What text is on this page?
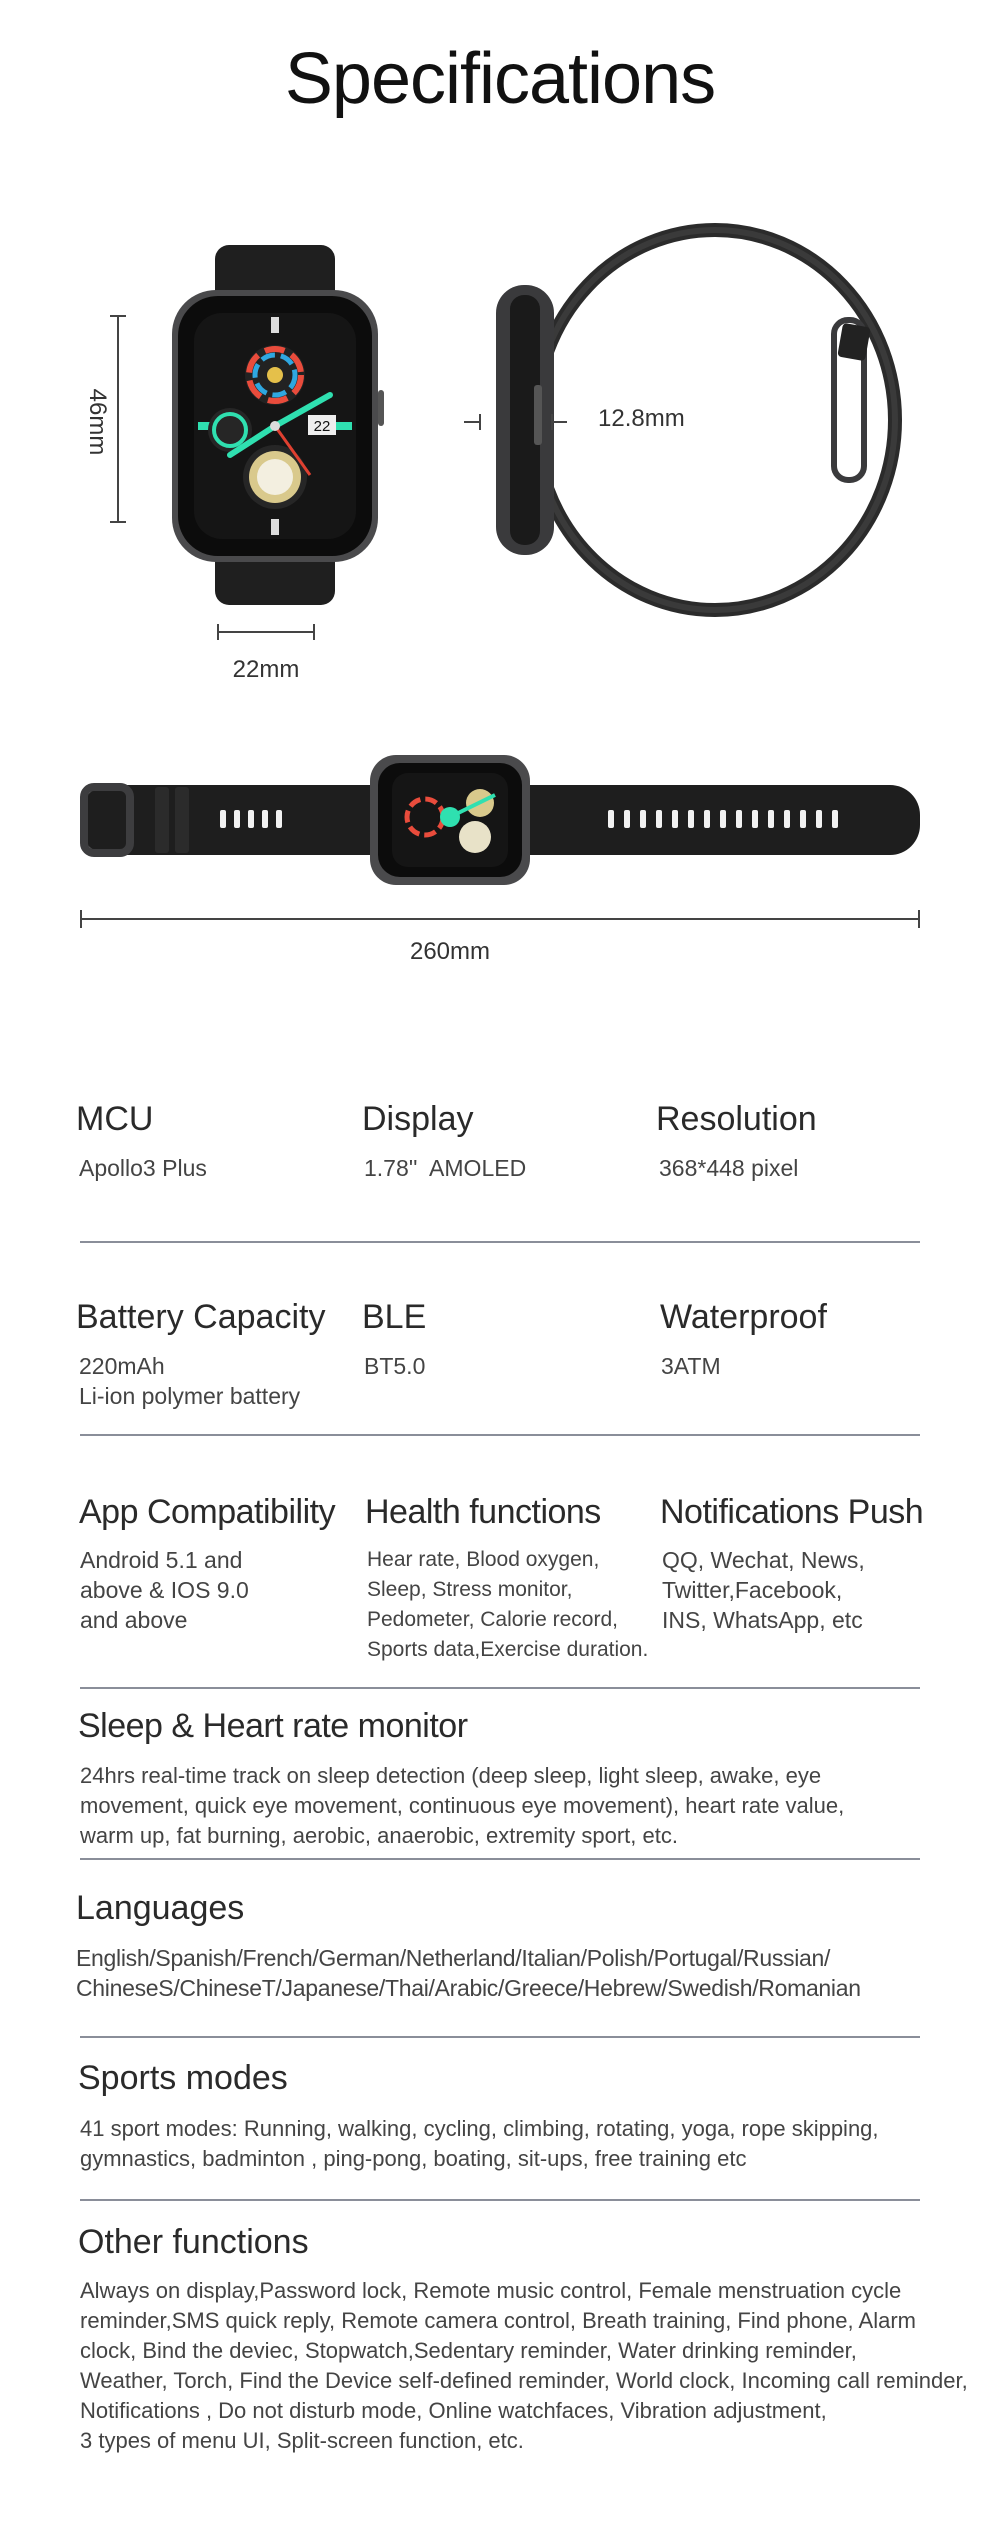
Specifications
22
46mm
22mm
12.8mm
260mm
MCU
Apollo3 Plus
Display
1.78''  AMOLED
Resolution
368*448 pixel
Battery Capacity
220mAh
Li-ion polymer battery
BLE
BT5.0
Waterproof
3ATM
App Compatibility
Android 5.1 and
above & IOS 9.0
and above
Health functions
Hear rate, Blood oxygen,
Sleep, Stress monitor,
Pedometer, Calorie record,
Sports data,Exercise duration.
Notifications Push
QQ, Wechat, News,
Twitter,Facebook,
INS, WhatsApp, etc
Sleep & Heart rate monitor
24hrs real-time track on sleep detection (deep sleep, light sleep, awake, eye
movement, quick eye movement, continuous eye movement), heart rate value,
warm up, fat burning, aerobic, anaerobic, extremity sport, etc.
Languages
English/Spanish/French/German/Netherland/Italian/Polish/Portugal/Russian/
ChineseS/ChineseT/Japanese/Thai/Arabic/Greece/Hebrew/Swedish/Romanian
Sports modes
41 sport modes: Running, walking, cycling, climbing, rotating, yoga, rope skipping,
gymnastics, badminton , ping-pong, boating, sit-ups, free training etc
Other functions
Always on display,Password lock, Remote music control, Female menstruation cycle
reminder,SMS quick reply, Remote camera control, Breath training, Find phone, Alarm
clock, Bind the deviec, Stopwatch,Sedentary reminder, Water drinking reminder,
Weather, Torch, Find the Device self-defined reminder, World clock, Incoming call reminder,
Notifications , Do not disturb mode, Online watchfaces, Vibration adjustment,
3 types of menu UI, Split-screen function, etc.
